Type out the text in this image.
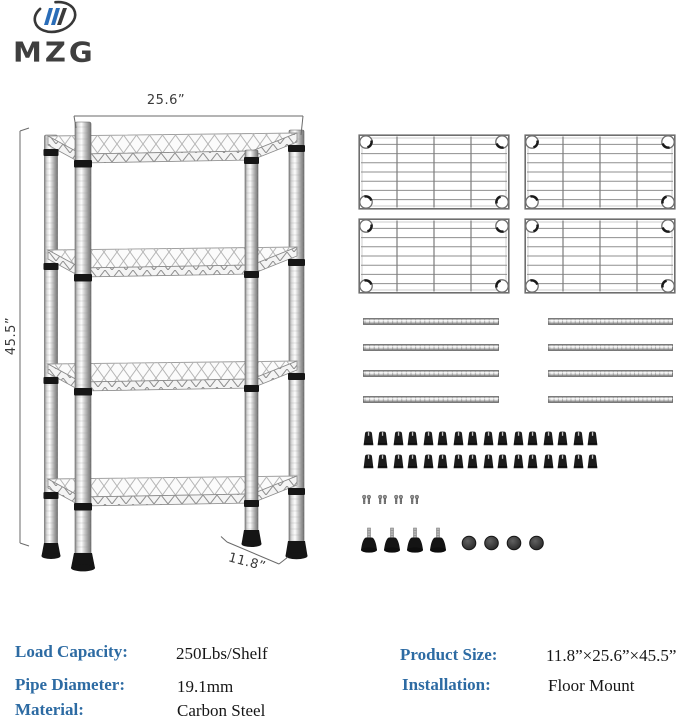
MZG
25.6”
45.5”
11.8”
Load Capacity:	250Lbs/Shelf
Pipe Diameter:	19.1mm
Material:	Carbon Steel
Product Size:	11.8”×25.6”×45.5”
Installation:	Floor Mount
